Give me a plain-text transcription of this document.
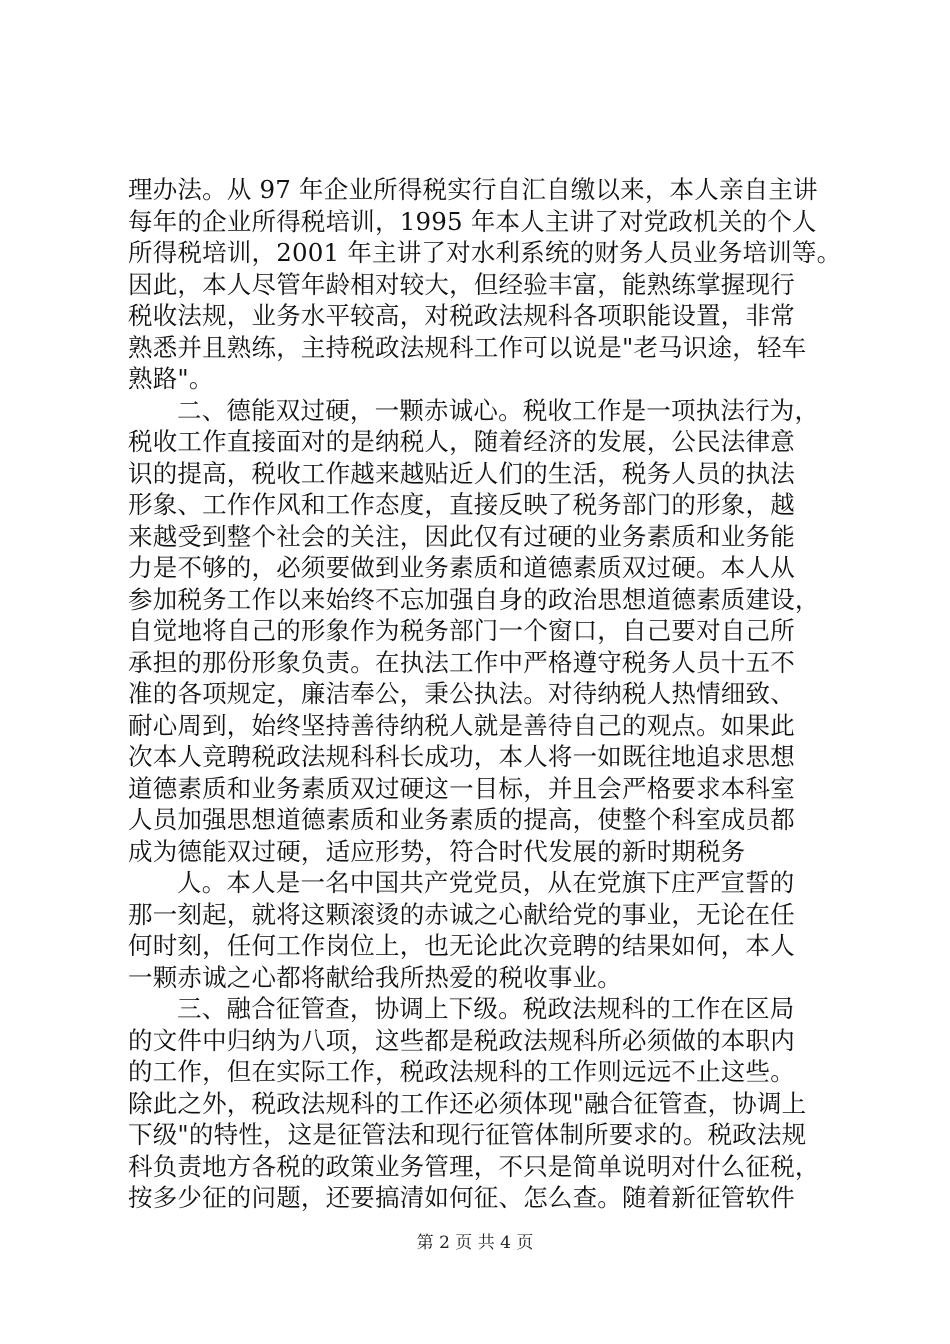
理办法。从 97 年企业所得税实行自汇自缴以来，本人亲自主讲
每年的企业所得税培训，1995 年本人主讲了对党政机关的个人
所得税培训，2001 年主讲了对水利系统的财务人员业务培训等。
因此，本人尽管年龄相对较大，但经验丰富，能熟练掌握现行
税收法规，业务水平较高，对税政法规科各项职能设置，非常
熟悉并且熟练，主持税政法规科工作可以说是"老马识途，轻车
熟路"。
二、德能双过硬，一颗赤诚心。税收工作是一项执法行为，
税收工作直接面对的是纳税人，随着经济的发展，公民法律意
识的提高，税收工作越来越贴近人们的生活，税务人员的执法
形象、工作作风和工作态度，直接反映了税务部门的形象，越
来越受到整个社会的关注，因此仅有过硬的业务素质和业务能
力是不够的，必须要做到业务素质和道德素质双过硬。本人从
参加税务工作以来始终不忘加强自身的政治思想道德素质建设，
自觉地将自己的形象作为税务部门一个窗口，自己要对自己所
承担的那份形象负责。在执法工作中严格遵守税务人员十五不
准的各项规定，廉洁奉公，秉公执法。对待纳税人热情细致、
耐心周到，始终坚持善待纳税人就是善待自己的观点。如果此
次本人竞聘税政法规科科长成功，本人将一如既往地追求思想
道德素质和业务素质双过硬这一目标，并且会严格要求本科室
人员加强思想道德素质和业务素质的提高，使整个科室成员都
成为德能双过硬，适应形势，符合时代发展的新时期税务
人。本人是一名中国共产党党员，从在党旗下庄严宣誓的
那一刻起，就将这颗滚烫的赤诚之心献给党的事业，无论在任
何时刻，任何工作岗位上，也无论此次竞聘的结果如何，本人
一颗赤诚之心都将献给我所热爱的税收事业。
三、融合征管查，协调上下级。税政法规科的工作在区局
的文件中归纳为八项，这些都是税政法规科所必须做的本职内
的工作，但在实际工作，税政法规科的工作则远远不止这些。
除此之外，税政法规科的工作还必须体现"融合征管查，协调上
下级"的特性，这是征管法和现行征管体制所要求的。税政法规
科负责地方各税的政策业务管理，不只是简单说明对什么征税，
按多少征的问题，还要搞清如何征、怎么查。随着新征管软件
第 2 页 共 4 页
